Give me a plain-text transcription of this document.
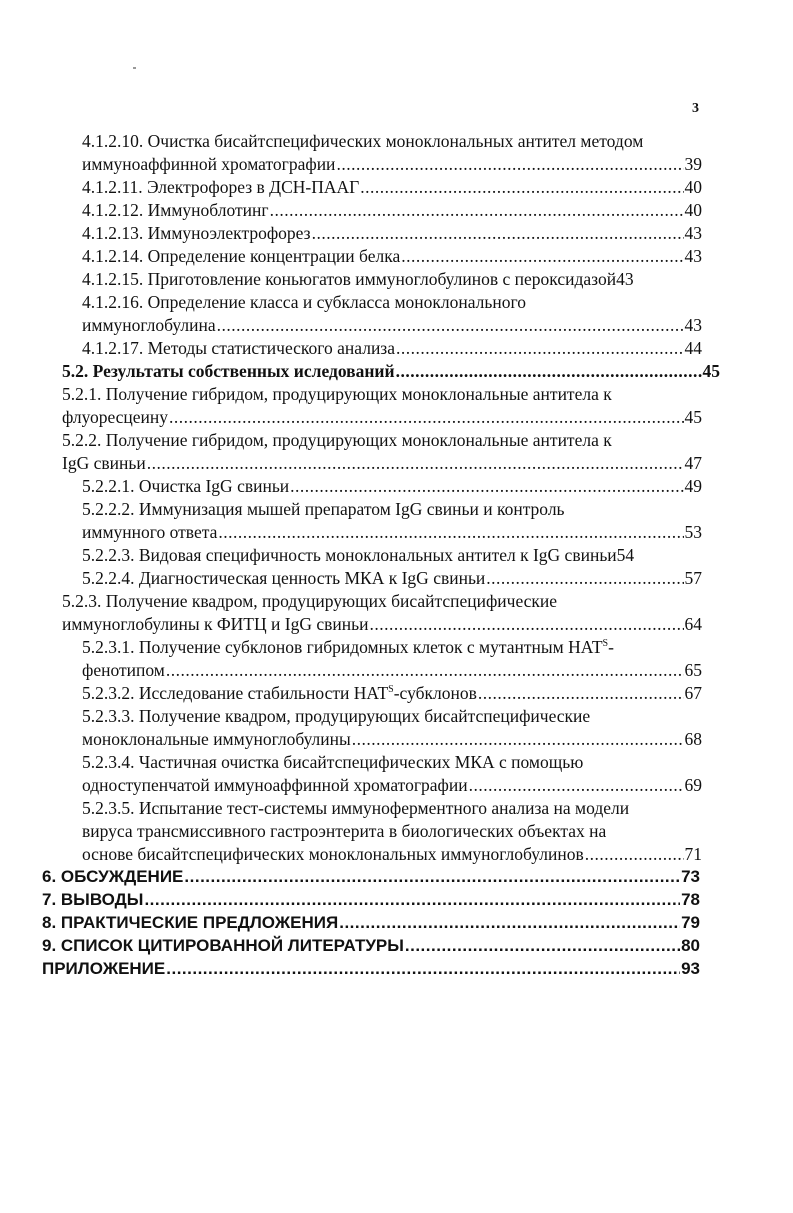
3
4.1.2.10. Очистка бисайтспецифических моноклональных антител методом
иммуноаффинной хроматографии .....	39
4.1.2.11. Электрофорез в ДСН-ПААГ .....	40
4.1.2.12. Иммуноблотинг .....	40
4.1.2.13. Иммуноэлектрофорез .....	43
4.1.2.14. Определение концентрации белка .....	43
4.1.2.15. Приготовление коньюгатов иммуноглобулинов с пероксидазой 43
4.1.2.16. Определение класса и субкласса моноклонального
иммуноглобулина .....	43
4.1.2.17. Методы статистического анализа .....	44
5.2. Результаты собственных иследований .....	45
5.2.1. Получение гибридом, продуцирующих моноклональные антитела к
флуоресцеину .....	45
5.2.2. Получение гибридом, продуцирующих моноклональные антитела к
IgG свиньи .....	47
5.2.2.1. Очистка IgG свиньи .....	49
5.2.2.2. Иммунизация мышей препаратом IgG свиньи и контроль
иммунного ответа .....	53
5.2.2.3. Видовая специфичность моноклональных антител к IgG свиньи 54
5.2.2.4. Диагностическая ценность МКА к IgG свиньи .....	57
5.2.3. Получение квадром, продуцирующих бисайтспецифические
иммуноглобулины к ФИТЦ и IgG свиньи .....	64
5.2.3.1. Получение субклонов гибридомных клеток с мутантным $НАТ^S-$
фенотипом .....	65
5.2.3.2. Исследование стабильности $НАТ^S$-субклонов .....	67
5.2.3.3. Получение квадром, продуцирующих бисайтспецифические
моноклональные иммуноглобулины .....	68
5.2.3.4. Частичная очистка бисайтспецифических МКА с помощью
одноступенчатой иммуноаффинной хроматографии .....	69
5.2.3.5. Испытание тест-системы иммуноферментного анализа на модели
вируса трансмиссивного гастроэнтерита в биологических объектах на
основе бисайтспецифических моноклональных иммуноглобулинов .....	71
6. ОБСУЖДЕНИЕ .....	73
7. ВЫВОДЫ .....	78
8. ПРАКТИЧЕСКИЕ ПРЕДЛОЖЕНИЯ .....	79
9. СПИСОК ЦИТИРОВАННОЙ ЛИТЕРАТУРЫ .....	80
ПРИЛОЖЕНИЕ .....	93
